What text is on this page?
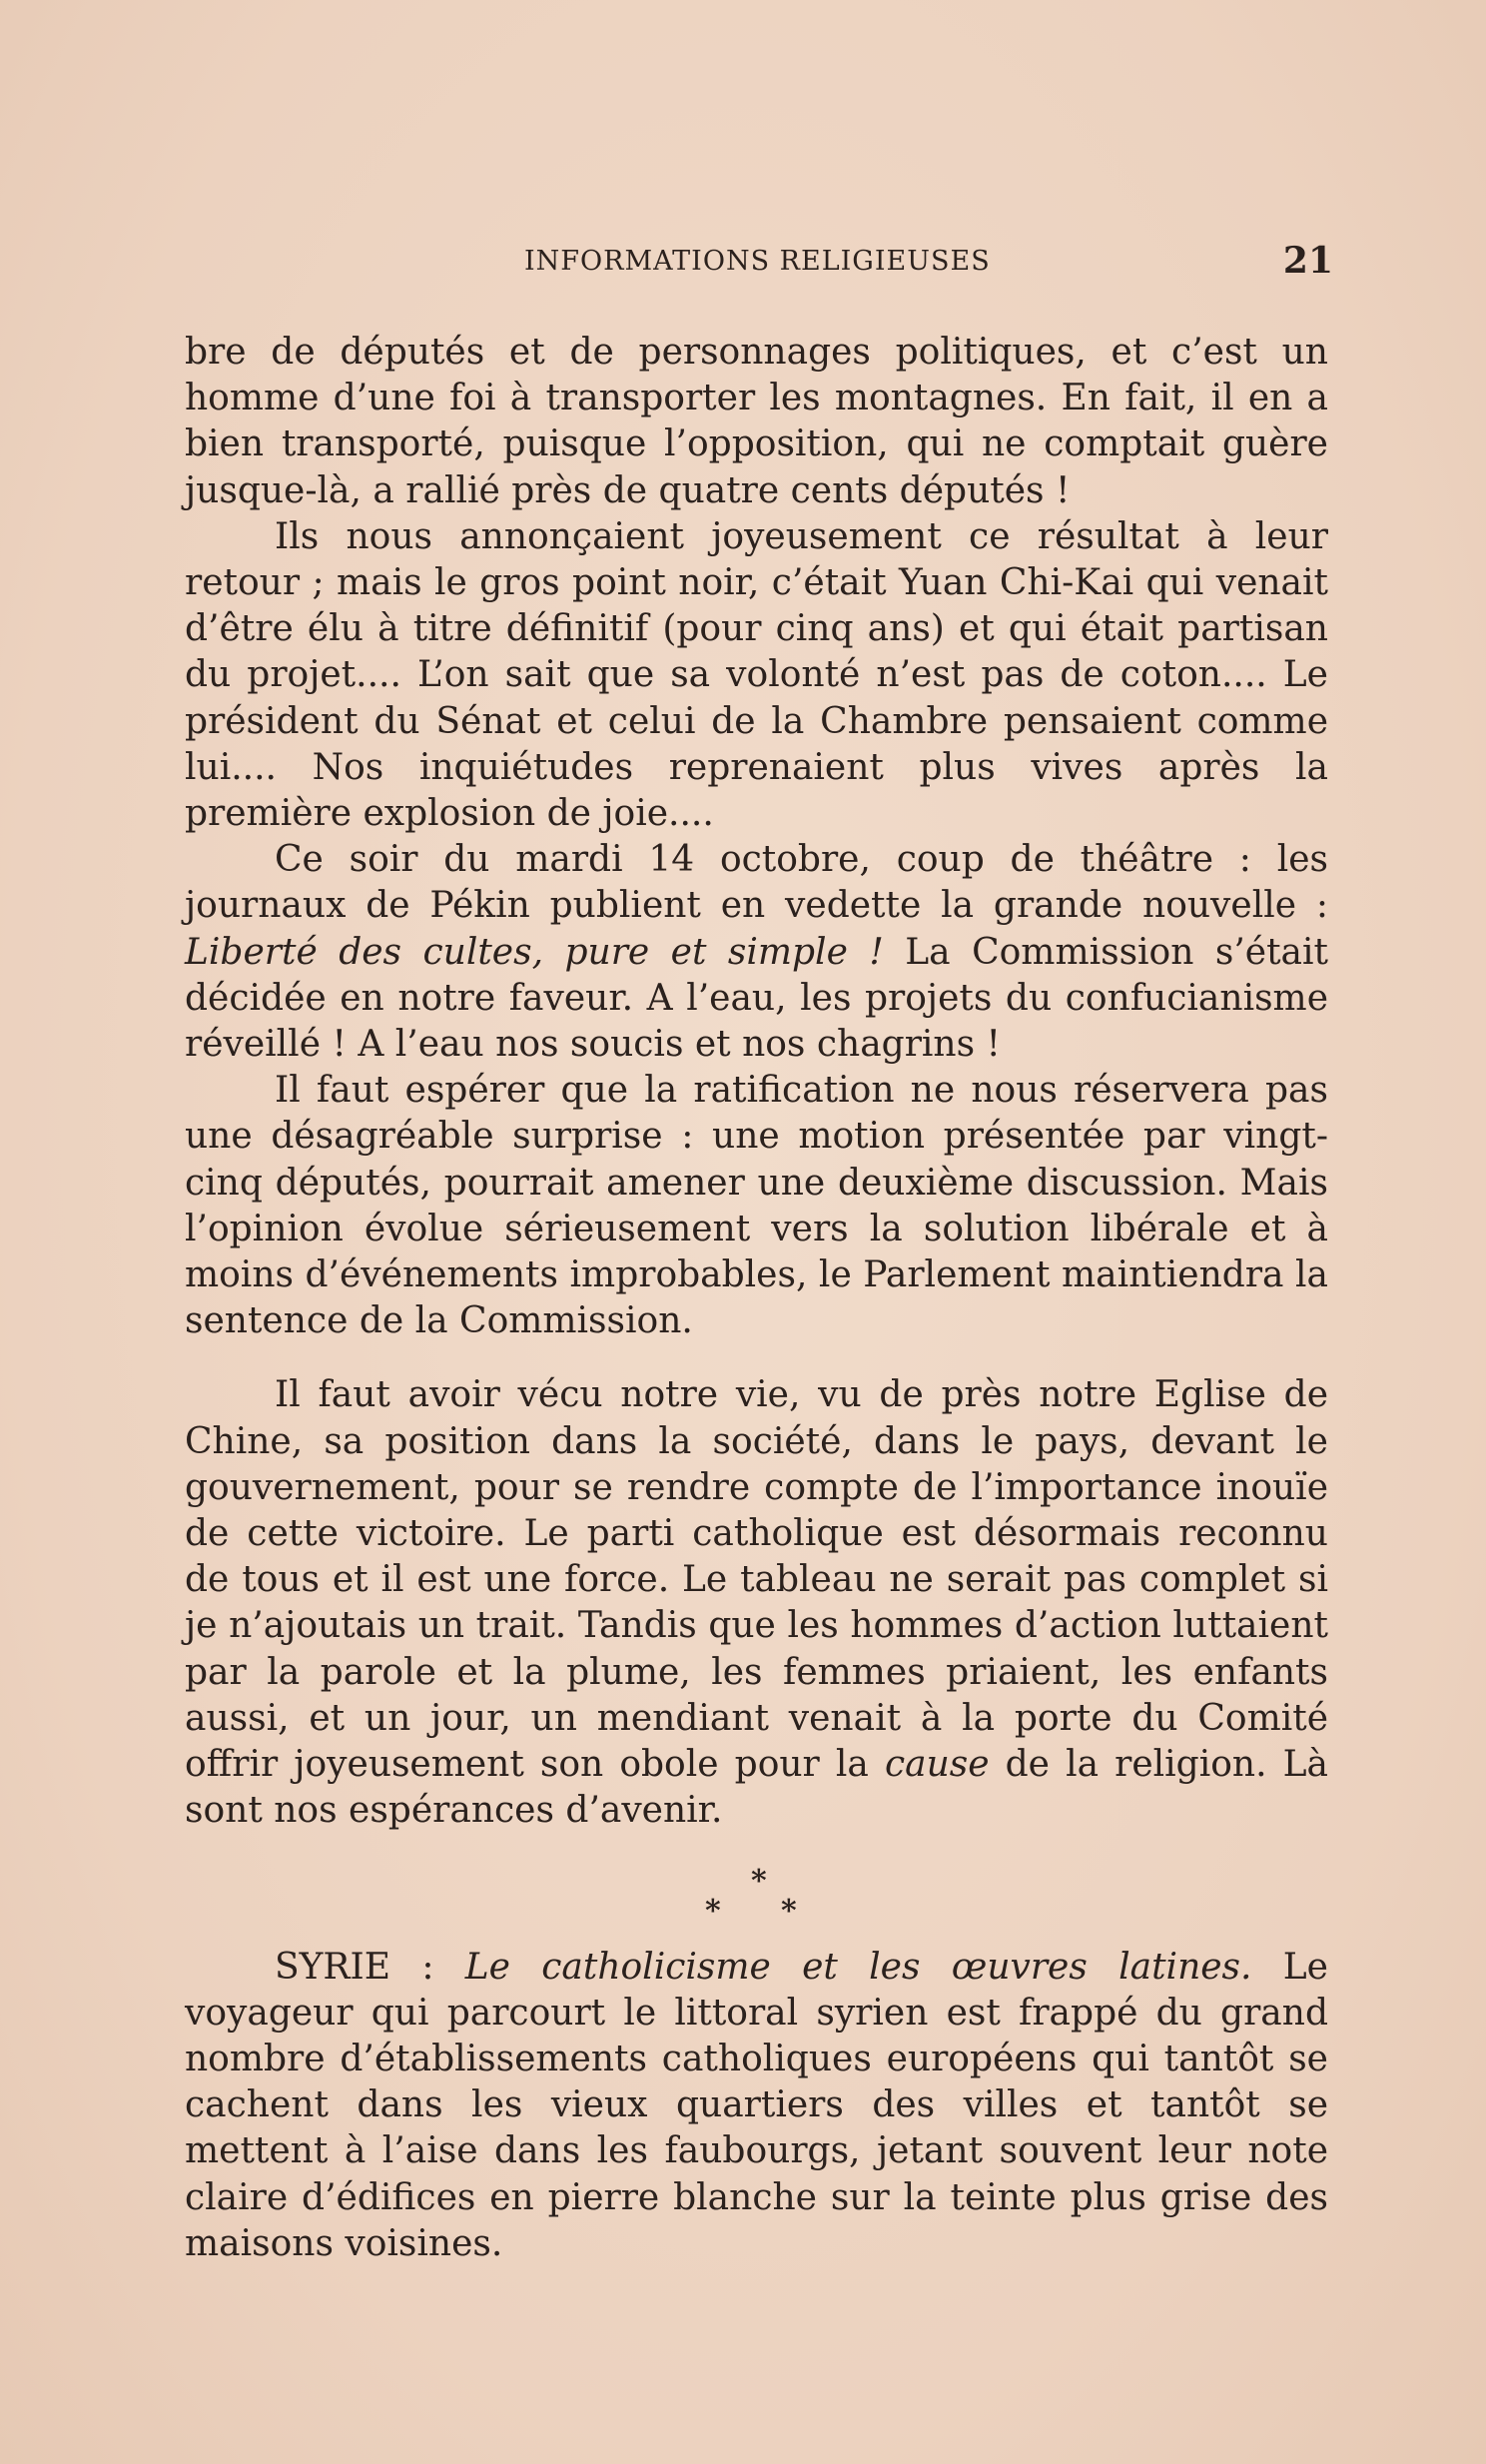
INFORMATIONS RELIGIEUSES	21

bre de députés et de personnages politiques, et c’est un homme d’une foi à transporter les montagnes. En fait, il en a bien transporté, puisque l’opposition, qui ne comptait guère jusque-là, a rallié près de quatre cents députés !

Ils nous annonçaient joyeusement ce résultat à leur retour ; mais le gros point noir, c’était Yuan Chi-Kai qui venait d’être élu à titre définitif (pour cinq ans) et qui était partisan du projet.... L’on sait que sa volonté n’est pas de coton.... Le président du Sénat et celui de la Chambre pensaient comme lui.... Nos inquiétudes reprenaient plus vives après la première explosion de joie....

Ce soir du mardi 14 octobre, coup de théâtre : les journaux de Pékin publient en vedette la grande nouvelle : Liberté des cultes, pure et simple ! La Commission s’était décidée en notre faveur. A l’eau, les projets du confucianisme réveillé ! A l’eau nos soucis et nos chagrins !

Il faut espérer que la ratification ne nous réservera pas une désagréable surprise : une motion présentée par vingt-cinq députés, pourrait amener une deuxième discussion. Mais l’opinion évolue sérieusement vers la solution libérale et à moins d’événements improbables, le Parlement maintiendra la sentence de la Commission.

Il faut avoir vécu notre vie, vu de près notre Eglise de Chine, sa position dans la société, dans le pays, devant le gouvernement, pour se rendre compte de l’importance inouïe de cette victoire. Le parti catholique est désormais reconnu de tous et il est une force. Le tableau ne serait pas complet si je n’ajoutais un trait. Tandis que les hommes d’action luttaient par la parole et la plume, les femmes priaient, les enfants aussi, et un jour, un mendiant venait à la porte du Comité offrir joyeusement son obole pour la cause de la religion. Là sont nos espérances d’avenir.

*
* *

SYRIE : Le catholicisme et les œuvres latines. Le voyageur qui parcourt le littoral syrien est frappé du grand nombre d’établissements catholiques européens qui tantôt se cachent dans les vieux quartiers des villes et tantôt se mettent à l’aise dans les faubourgs, jetant souvent leur note claire d’édifices en pierre blanche sur la teinte plus grise des maisons voisines.
